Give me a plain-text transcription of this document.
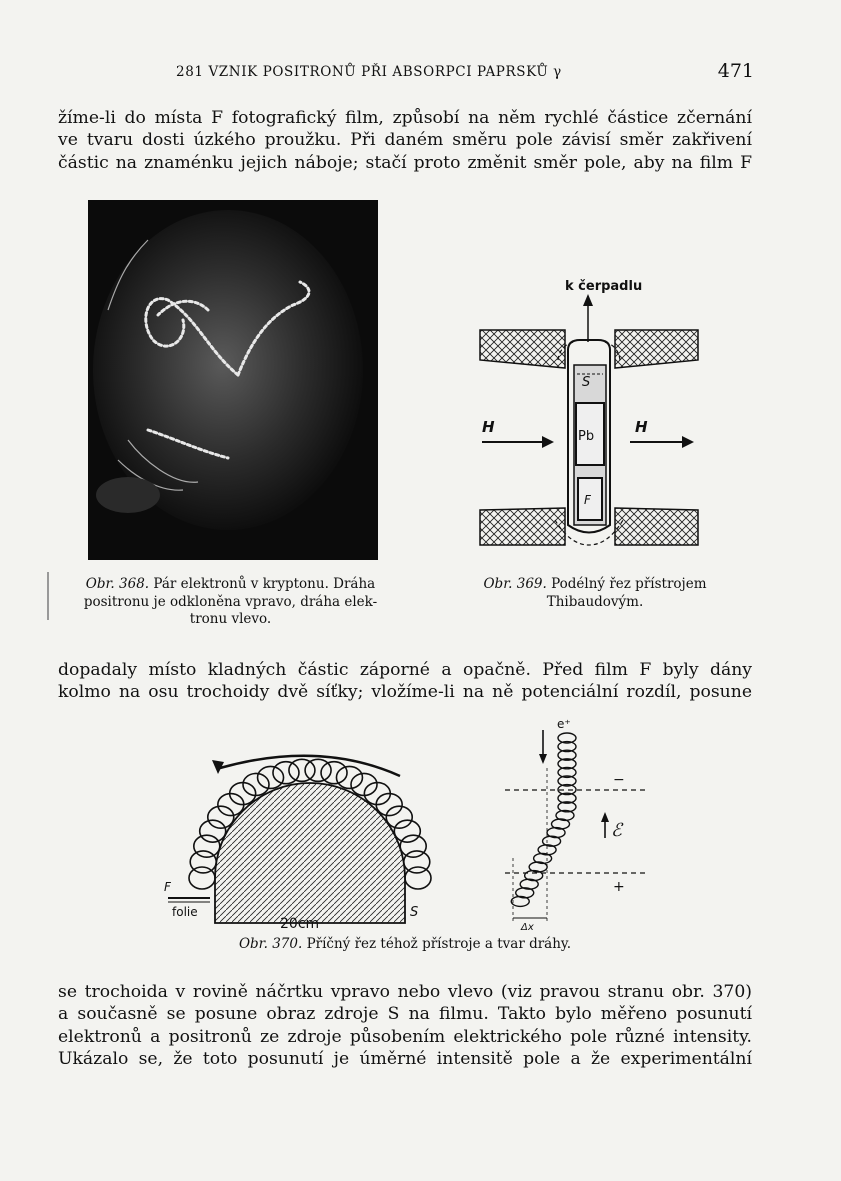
281 VZNIK POSITRONŮ PŘI ABSORPCI PAPRSKŮ γ	471
žíme-li do místa F fotografický film, způsobí na něm rychlé částice zčernání
ve tvaru dosti úzkého proužku. Při daném směru pole závisí směr zakřivení
částic na znaménku jejich náboje; stačí proto změnit směr pole, aby na film F
k čerpadlu
S
Pb
F
H	H
Obr. 368. Pár elektronů v kryptonu. Dráha
positronu je odkloněna vpravo, dráha elek-
tronu vlevo.
Obr. 369. Podélný řez přístrojem
Thibaudovým.
dopadaly místo kladných částic záporné a opačně. Před film F byly dány
kolmo na osu trochoidy dvě síťky; vložíme-li na ně potenciální rozdíl, posune
F
folie
20cm
S
e⁺
−
+
ℰ
Δx
Obr. 370. Příčný řez téhož přístroje a tvar dráhy.
se trochoida v rovině náčrtku vpravo nebo vlevo (viz pravou stranu obr. 370)
a současně se posune obraz zdroje S na filmu. Takto bylo měřeno posunutí
elektronů a positronů ze zdroje působením elektrického pole různé intensity.
Ukázalo se, že toto posunutí je úměrné intensitě pole a že experimentální
